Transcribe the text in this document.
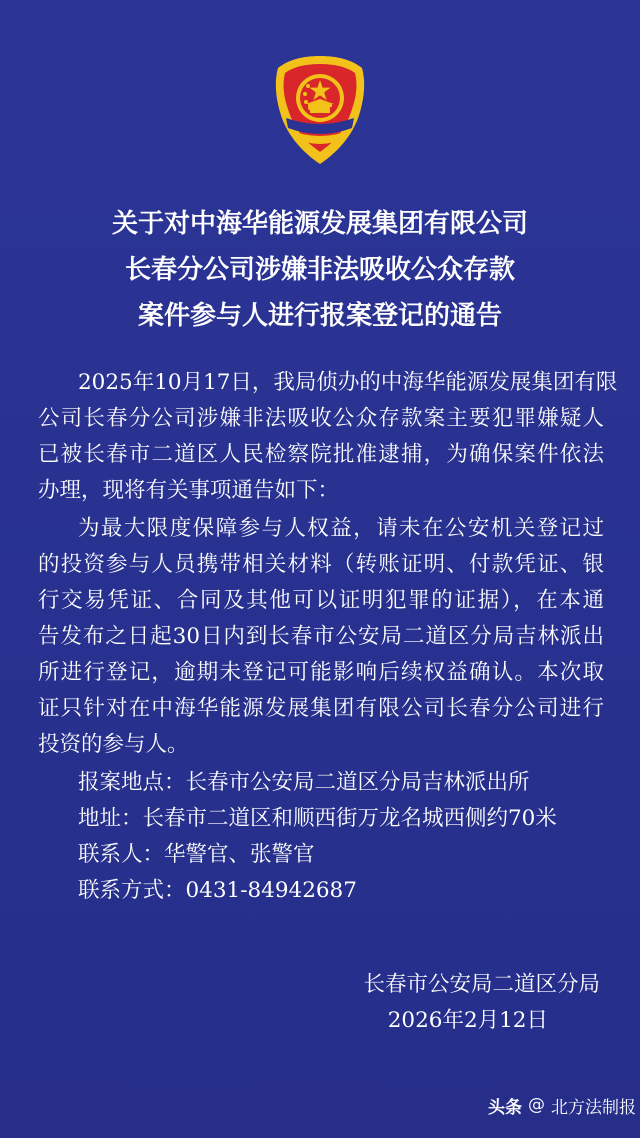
关于对中海华能源发展集团有限公司
长春分公司涉嫌非法吸收公众存款
案件参与人进行报案登记的通告
2025年10月17日，我局侦办的中海华能源发展集团有限
公司长春分公司涉嫌非法吸收公众存款案主要犯罪嫌疑人
已被长春市二道区人民检察院批准逮捕，为确保案件依法
办理，现将有关事项通告如下：
为最大限度保障参与人权益，请未在公安机关登记过
的投资参与人员携带相关材料（转账证明、付款凭证、银
行交易凭证、合同及其他可以证明犯罪的证据），在本通
告发布之日起30日内到长春市公安局二道区分局吉林派出
所进行登记，逾期未登记可能影响后续权益确认。本次取
证只针对在中海华能源发展集团有限公司长春分公司进行
投资的参与人。
报案地点：长春市公安局二道区分局吉林派出所
地址：长春市二道区和顺西街万龙名城西侧约70米
联系人：华警官、张警官
联系方式：0431-84942687
长春市公安局二道区分局
2026年2月12日
头条 @ 北方法制报
